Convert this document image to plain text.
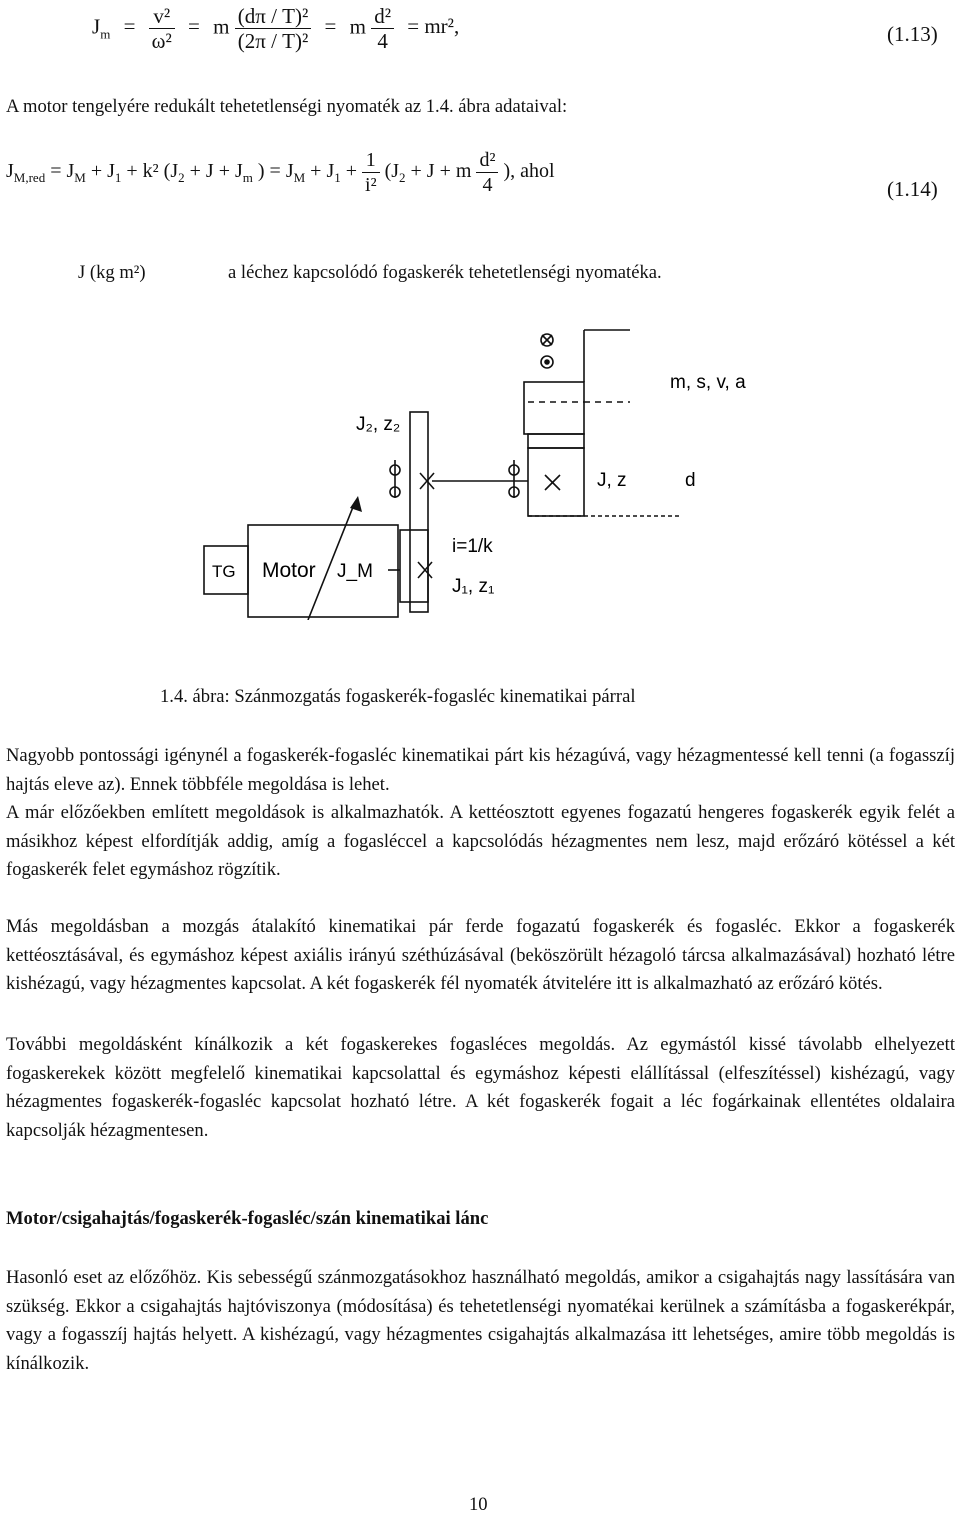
$J_m = \frac{\text{v²}}{\text{ω²}} = m \frac{\text{(dπ / T)²}}{\text{(2π / T)²}} = m \frac{\text{d²}}{4} = mr^2$,	(1.13)
A motor tengelyére redukált tehetetlenségi nyomaték az 1.4. ábra adataival:
$J_{M,red} = J_M + J_1 + k^2$ ($J_2 + J + J_m$ ) = $J_M + J_1 + \frac{1}{\text{i²}} (J_2 + J + m \frac{\text{d²}}{4}$ ), ahol
(1.14)
J (kg m²)	a léchez kapcsolódó fogaskerék tehetetlenségi nyomatéka.
m, s, v, a
J₂, z₂
J, z	d
i=1/k
TG Motor J_M
J₁, z₁
1.4. ábra: Szánmozgatás fogaskerék-fogasléc kinematikai párral
Nagyobb pontossági igénynél a fogaskerék-fogasléc kinematikai párt kis hézagúvá, vagy hézagmentessé kell tenni (a fogasszíj hajtás eleve az). Ennek többféle megoldása is lehet.
A már előzőekben említett megoldások is alkalmazhatók. A kettéosztott egyenes fogazatú hengeres fogaskerék egyik felét a másikhoz képest elfordítják addig, amíg a fogasléccel a kapcsolódás hézagmentes nem lesz, majd erőzáró kötéssel a két fogaskerék felet egymáshoz rögzítik.
Más megoldásban a mozgás átalakító kinematikai pár ferde fogazatú fogaskerék és fogasléc. Ekkor a fogaskerék kettéosztásával, és egymáshoz képest axiális irányú széthúzásával (beköszörült hézagoló tárcsa alkalmazásával) hozható létre kishézagú, vagy hézagmentes kapcsolat. A két fogaskerék fél nyomaték átvitelére itt is alkalmazható az erőzáró kötés.
További megoldásként kínálkozik a két fogaskerekes fogasléces megoldás. Az egymástól kissé távolabb elhelyezett fogaskerekek között megfelelő kinematikai kapcsolattal és egymáshoz képesti elállítással (elfeszítéssel) kishézagú, vagy hézagmentes fogaskerék-fogasléc kapcsolat hozható létre. A két fogaskerék fogait a léc fogárkainak ellentétes oldalaira kapcsolják hézagmentesen.
Motor/csigahajtás/fogaskerék-fogasléc/szán kinematikai lánc
Hasonló eset az előzőhöz. Kis sebességű szánmozgatásokhoz használható megoldás, amikor a csigahajtás nagy lassítására van szükség. Ekkor a csigahajtás hajtóviszonya (módosítása) és tehetetlenségi nyomatékai kerülnek a számításba a fogaskerékpár, vagy a fogasszíj hajtás helyett. A kishézagú, vagy hézagmentes csigahajtás alkalmazása itt lehetséges, amire több megoldás is kínálkozik.
10
